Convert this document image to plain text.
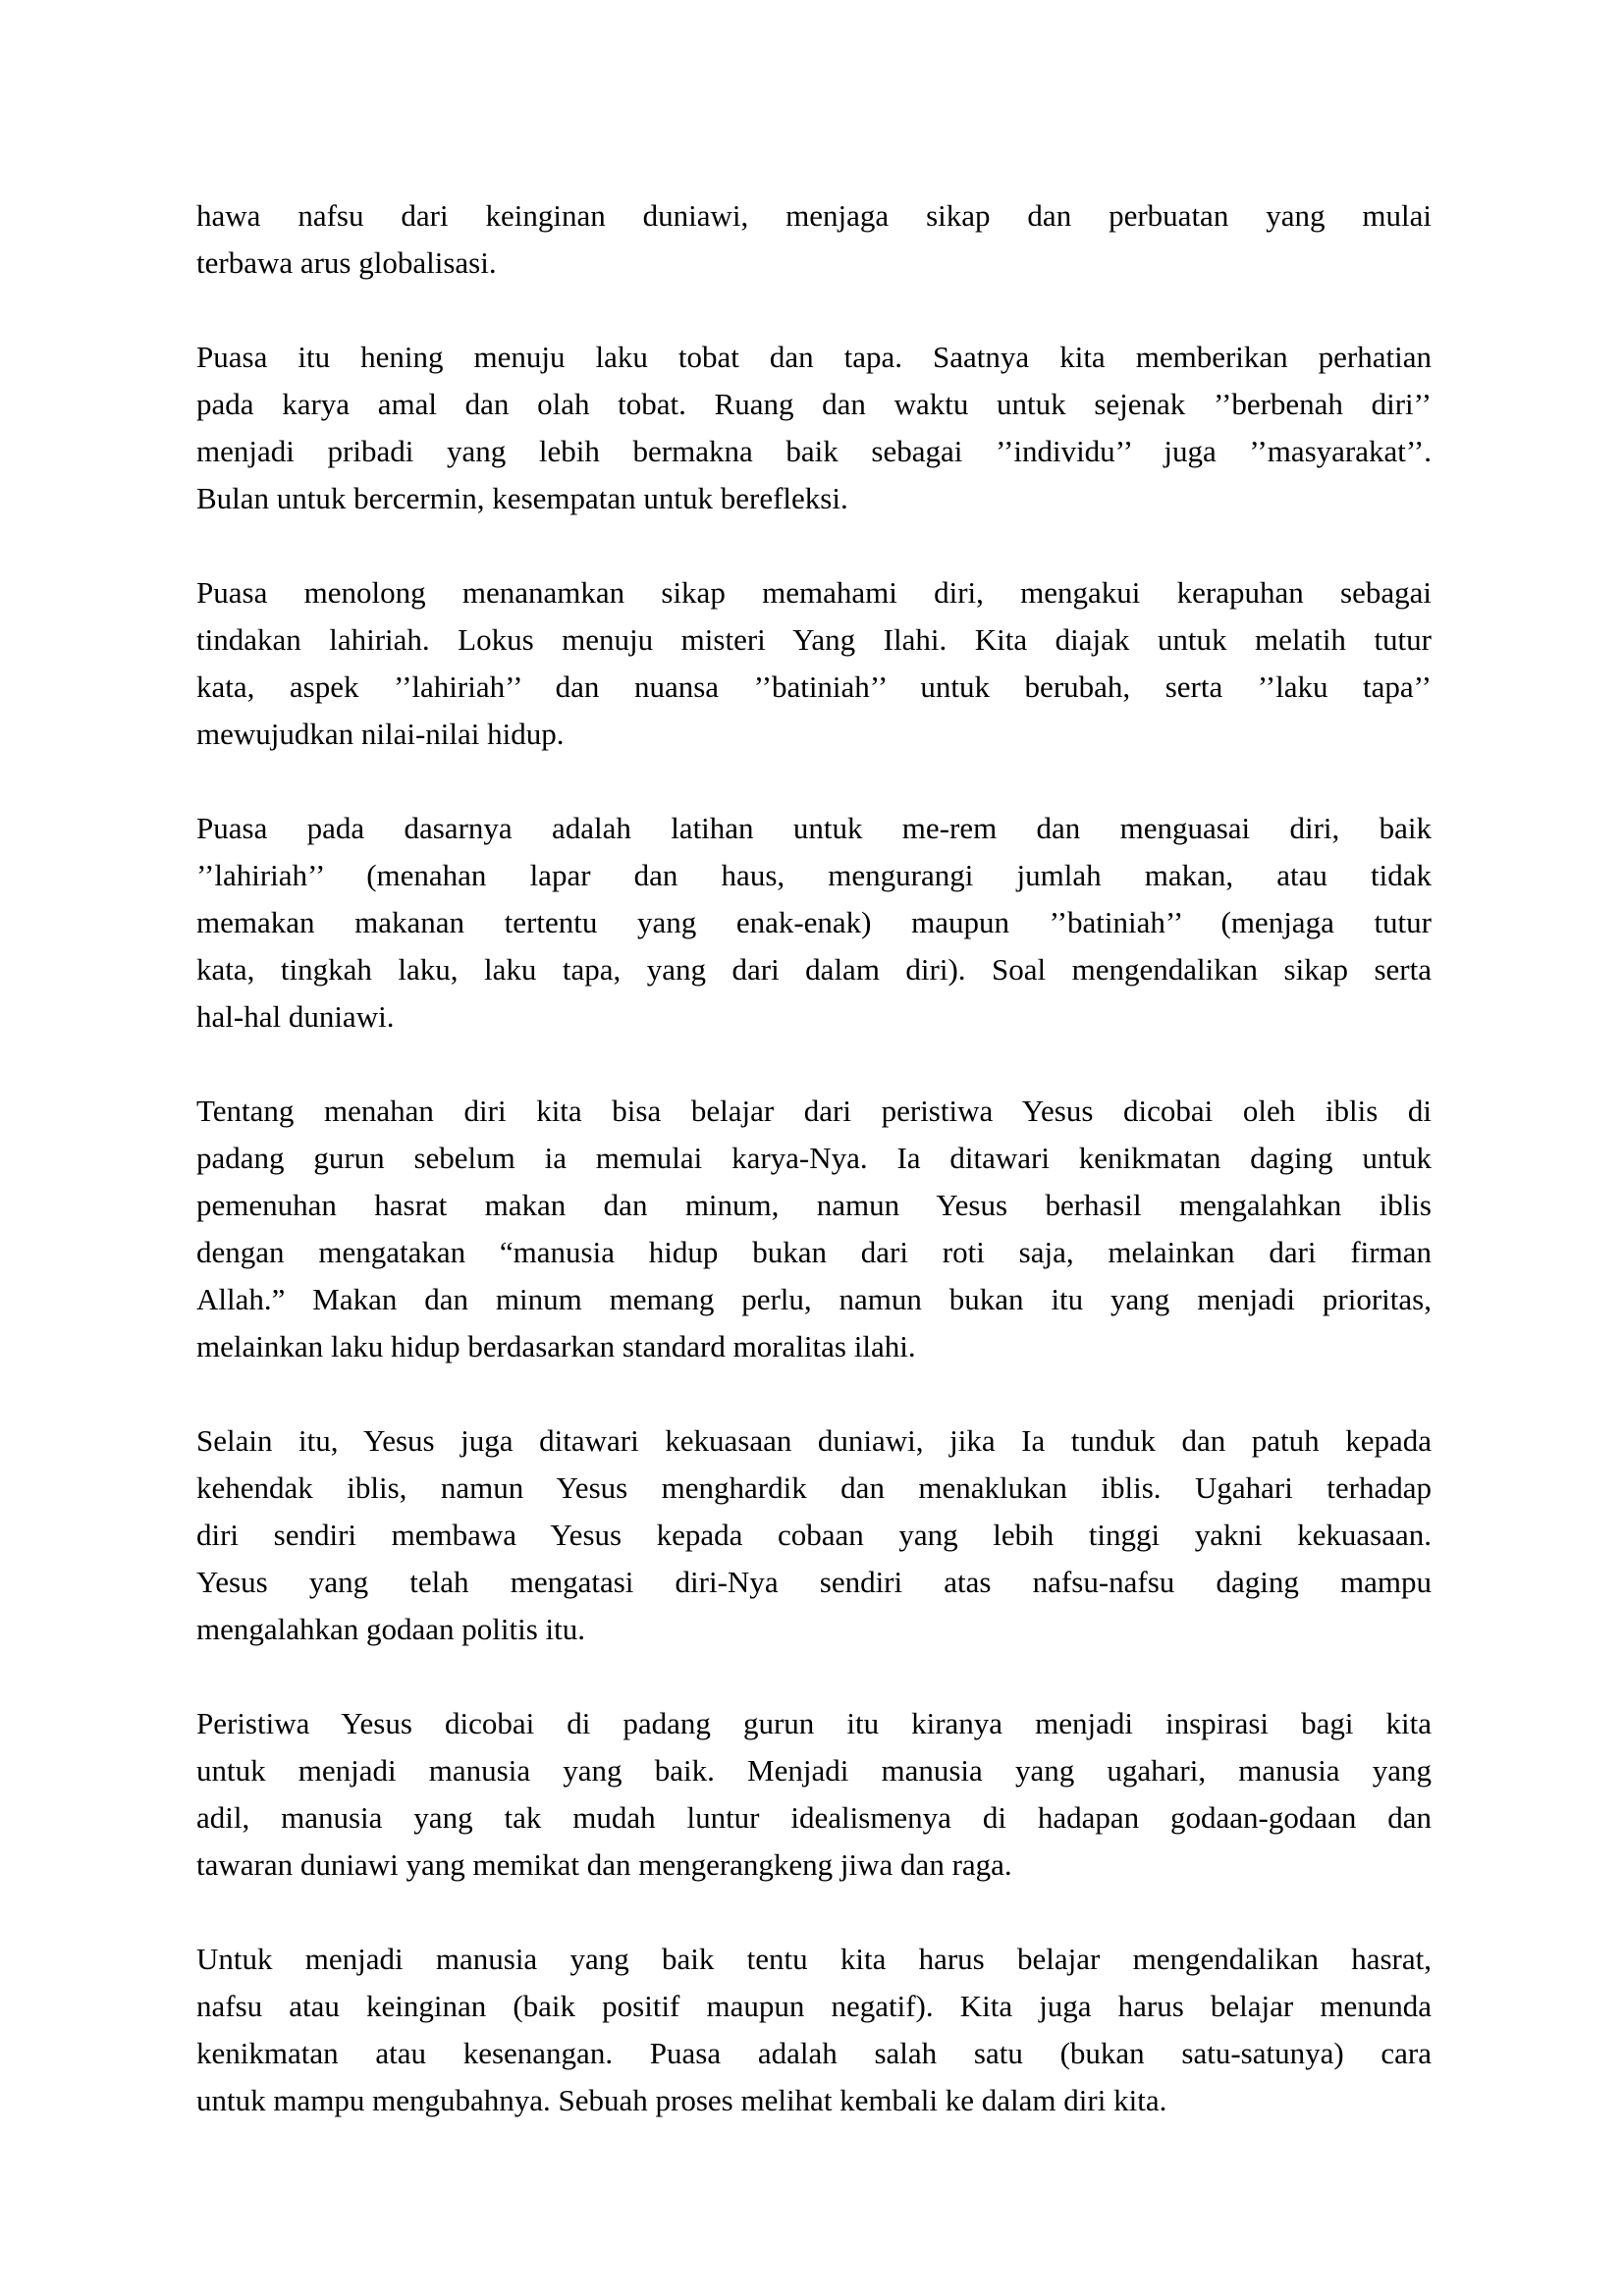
hawa nafsu dari keinginan duniawi, menjaga sikap dan perbuatan yang mulai
terbawa arus globalisasi.
Puasa itu hening menuju laku tobat dan tapa. Saatnya kita memberikan perhatian
pada karya amal dan olah tobat. Ruang dan waktu untuk sejenak ’’berbenah diri’’
menjadi pribadi yang lebih bermakna baik sebagai ’’individu’’ juga ’’masyarakat’’.
Bulan untuk bercermin, kesempatan untuk berefleksi.
Puasa menolong menanamkan sikap memahami diri, mengakui kerapuhan sebagai
tindakan lahiriah. Lokus menuju misteri Yang Ilahi. Kita diajak untuk melatih tutur
kata, aspek ’’lahiriah’’ dan nuansa ’’batiniah’’ untuk berubah, serta ’’laku tapa’’
mewujudkan nilai-nilai hidup.
Puasa pada dasarnya adalah latihan untuk me-rem dan menguasai diri, baik
’’lahiriah’’ (menahan lapar dan haus, mengurangi jumlah makan, atau tidak
memakan makanan tertentu yang enak-enak) maupun ’’batiniah’’ (menjaga tutur
kata, tingkah laku, laku tapa, yang dari dalam diri). Soal mengendalikan sikap serta
hal-hal duniawi.
Tentang menahan diri kita bisa belajar dari peristiwa Yesus dicobai oleh iblis di
padang gurun sebelum ia memulai karya-Nya. Ia ditawari kenikmatan daging untuk
pemenuhan hasrat makan dan minum, namun Yesus berhasil mengalahkan iblis
dengan mengatakan “manusia hidup bukan dari roti saja, melainkan dari firman
Allah.” Makan dan minum memang perlu, namun bukan itu yang menjadi prioritas,
melainkan laku hidup berdasarkan standard moralitas ilahi.
Selain itu, Yesus juga ditawari kekuasaan duniawi, jika Ia tunduk dan patuh kepada
kehendak iblis, namun Yesus menghardik dan menaklukan iblis. Ugahari terhadap
diri sendiri membawa Yesus kepada cobaan yang lebih tinggi yakni kekuasaan.
Yesus yang telah mengatasi diri-Nya sendiri atas nafsu-nafsu daging mampu
mengalahkan godaan politis itu.
Peristiwa Yesus dicobai di padang gurun itu kiranya menjadi inspirasi bagi kita
untuk menjadi manusia yang baik. Menjadi manusia yang ugahari, manusia yang
adil, manusia yang tak mudah luntur idealismenya di hadapan godaan-godaan dan
tawaran duniawi yang memikat dan mengerangkeng jiwa dan raga.
Untuk menjadi manusia yang baik tentu kita harus belajar mengendalikan hasrat,
nafsu atau keinginan (baik positif maupun negatif). Kita juga harus belajar menunda
kenikmatan atau kesenangan. Puasa adalah salah satu (bukan satu-satunya) cara
untuk mampu mengubahnya. Sebuah proses melihat kembali ke dalam diri kita.
